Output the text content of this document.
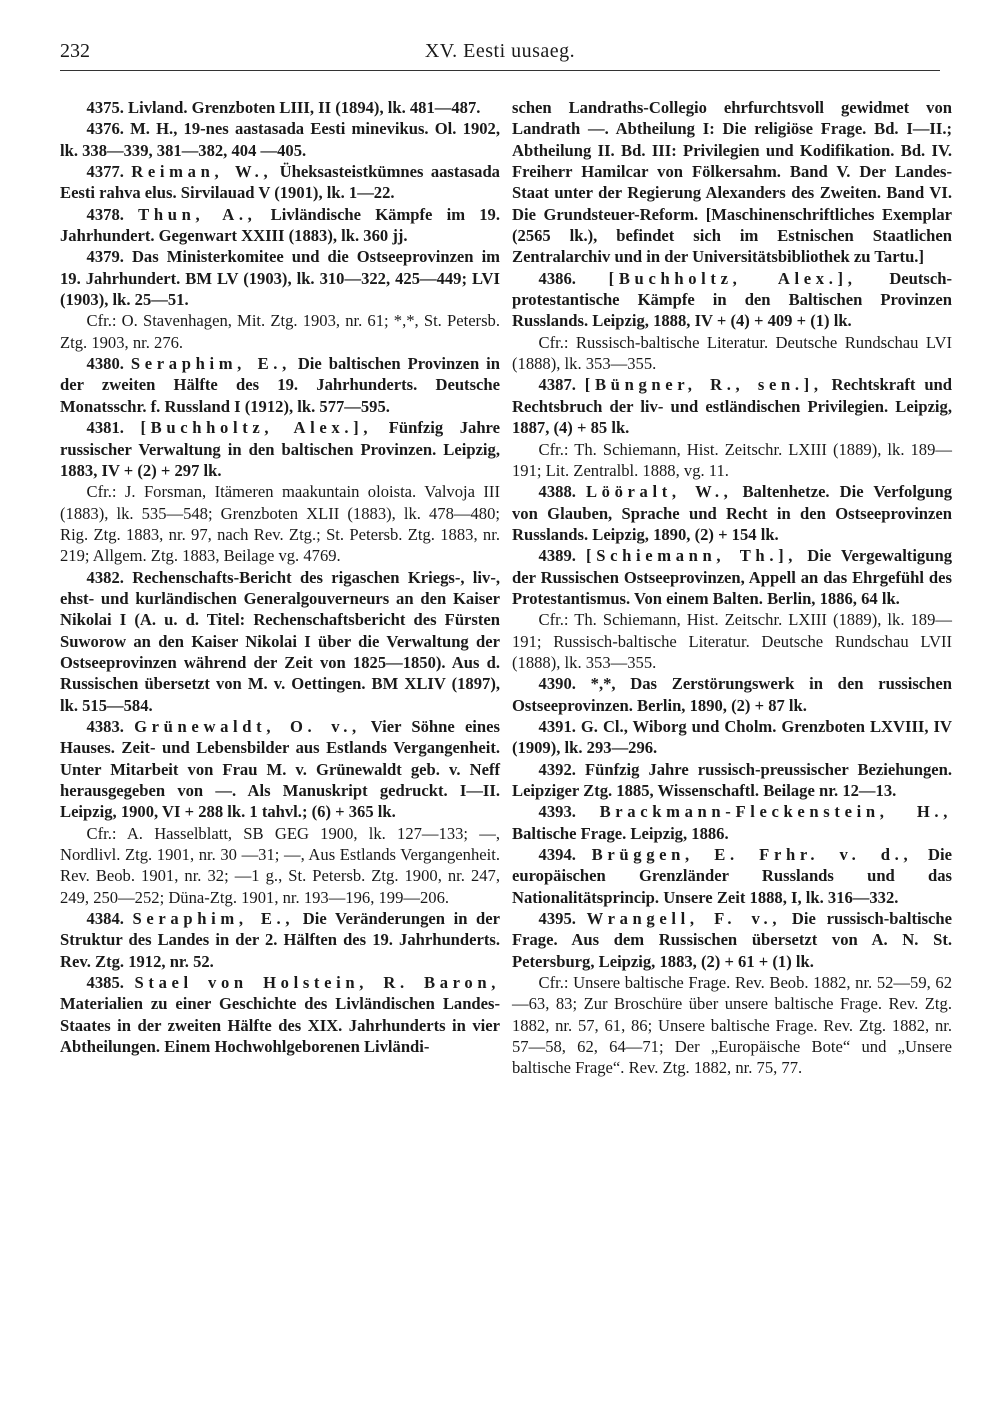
232	XV. Eesti uusaeg.

4375. Livland. Grenzboten LIII, II (1894), lk. 481—487.

4376. M. H., 19-nes aastasada Eesti minevikus. Ol. 1902, lk. 338—339, 381—382, 404 —405.

4377. Reiman, W., Üheksasteistkümnes aastasada Eesti rahva elus. Sirvilauad V (1901), lk. 1—22.

4378. Thun, A., Livländische Kämpfe im 19. Jahrhundert. Gegenwart XXIII (1883), lk. 360 jj.

4379. Das Ministerkomitee und die Ostseeprovinzen im 19. Jahrhundert. BM LV (1903), lk. 310—322, 425—449; LVI (1903), lk. 25—51.

Cfr.: O. Stavenhagen, Mit. Ztg. 1903, nr. 61; *,*, St. Petersb. Ztg. 1903, nr. 276.

4380. Seraphim, E., Die baltischen Provinzen in der zweiten Hälfte des 19. Jahrhunderts. Deutsche Monatsschr. f. Russland I (1912), lk. 577—595.

4381. [Buchholtz, Alex.], Fünfzig Jahre russischer Verwaltung in den baltischen Provinzen. Leipzig, 1883, IV + (2) + 297 lk.

Cfr.: J. Forsman, Itämeren maakuntain oloista. Valvoja III (1883), lk. 535—548; Grenzboten XLII (1883), lk. 478—480; Rig. Ztg. 1883, nr. 97, nach Rev. Ztg.; St. Petersb. Ztg. 1883, nr. 219; Allgem. Ztg. 1883, Beilage vg. 4769.

4382. Rechenschafts-Bericht des rigaschen Kriegs-, liv-, ehst- und kurländischen Generalgouverneurs an den Kaiser Nikolai I (A. u. d. Titel: Rechenschaftsbericht des Fürsten Suworow an den Kaiser Nikolai I über die Verwaltung der Ostseeprovinzen während der Zeit von 1825—1850). Aus d. Russischen übersetzt von M. v. Oettingen. BM XLIV (1897), lk. 515—584.

4383. Grünewaldt, O. v., Vier Söhne eines Hauses. Zeit- und Lebensbilder aus Estlands Vergangenheit. Unter Mitarbeit von Frau M. v. Grünewaldt geb. v. Neff herausgegeben von —. Als Manuskript gedruckt. I—II. Leipzig, 1900, VI + 288 lk. 1 tahvl.; (6) + 365 lk.

Cfr.: A. Hasselblatt, SB GEG 1900, lk. 127—133; —, Nordlivl. Ztg. 1901, nr. 30 —31; —, Aus Estlands Vergangenheit. Rev. Beob. 1901, nr. 32; —1 g., St. Petersb. Ztg. 1900, nr. 247, 249, 250—252; Düna-Ztg. 1901, nr. 193—196, 199—206.

4384. Seraphim, E., Die Veränderungen in der Struktur des Landes in der 2. Hälften des 19. Jahrhunderts. Rev. Ztg. 1912, nr. 52.

4385. Stael von Holstein, R. Baron, Materialien zu einer Geschichte des Livländischen Landes-Staates in der zweiten Hälfte des XIX. Jahrhunderts in vier Abtheilungen. Einem Hochwohlgeborenen Livländi-

schen Landraths-Collegio ehrfurchtsvoll gewidmet von Landrath —. Abtheilung I: Die religiöse Frage. Bd. I—II.; Abtheilung II. Bd. III: Privilegien und Kodifikation. Bd. IV. Freiherr Hamilcar von Fölkersahm. Band V. Der Landes-Staat unter der Regierung Alexanders des Zweiten. Band VI. Die Grundsteuer-Reform. [Maschinenschriftliches Exemplar (2565 lk.), befindet sich im Estnischen Staatlichen Zentralarchiv und in der Universitätsbibliothek zu Tartu.]

4386. [Buchholtz, Alex.], Deutsch-protestantische Kämpfe in den Baltischen Provinzen Russlands. Leipzig, 1888, IV + (4) + 409 + (1) lk.

Cfr.: Russisch-baltische Literatur. Deutsche Rundschau LVI (1888), lk. 353—355.

4387. [Büngner, R., sen.], Rechtskraft und Rechtsbruch der liv- und estländischen Privilegien. Leipzig, 1887, (4) + 85 lk.

Cfr.: Th. Schiemann, Hist. Zeitschr. LXIII (1889), lk. 189—191; Lit. Zentralbl. 1888, vg. 11.

4388. Lööralt, W., Baltenhetze. Die Verfolgung von Glauben, Sprache und Recht in den Ostseeprovinzen Russlands. Leipzig, 1890, (2) + 154 lk.

4389. [Schiemann, Th.], Die Vergewaltigung der Russischen Ostseeprovinzen, Appell an das Ehrgefühl des Protestantismus. Von einem Balten. Berlin, 1886, 64 lk.

Cfr.: Th. Schiemann, Hist. Zeitschr. LXIII (1889), lk. 189—191; Russisch-baltische Literatur. Deutsche Rundschau LVII (1888), lk. 353—355.

4390. *,*, Das Zerstörungswerk in den russischen Ostseeprovinzen. Berlin, 1890, (2) + 87 lk.

4391. G. Cl., Wiborg und Cholm. Grenzboten LXVIII, IV (1909), lk. 293—296.

4392. Fünfzig Jahre russisch-preussischer Beziehungen. Leipziger Ztg. 1885, Wissenschaftl. Beilage nr. 12—13.

4393. Brackmann-Fleckenstein, H., Baltische Frage. Leipzig, 1886.

4394. Brüggen, E. Frhr. v. d., Die europäischen Grenzländer Russlands und das Nationalitätsprincip. Unsere Zeit 1888, I, lk. 316—332.

4395. Wrangell, F. v., Die russisch-baltische Frage. Aus dem Russischen übersetzt von A. N. St. Petersburg, Leipzig, 1883, (2) + 61 + (1) lk.

Cfr.: Unsere baltische Frage. Rev. Beob. 1882, nr. 52—59, 62—63, 83; Zur Broschüre über unsere baltische Frage. Rev. Ztg. 1882, nr. 57, 61, 86; Unsere baltische Frage. Rev. Ztg. 1882, nr. 57—58, 62, 64—71; Der „Europäische Bote“ und „Unsere baltische Frage“. Rev. Ztg. 1882, nr. 75, 77.
